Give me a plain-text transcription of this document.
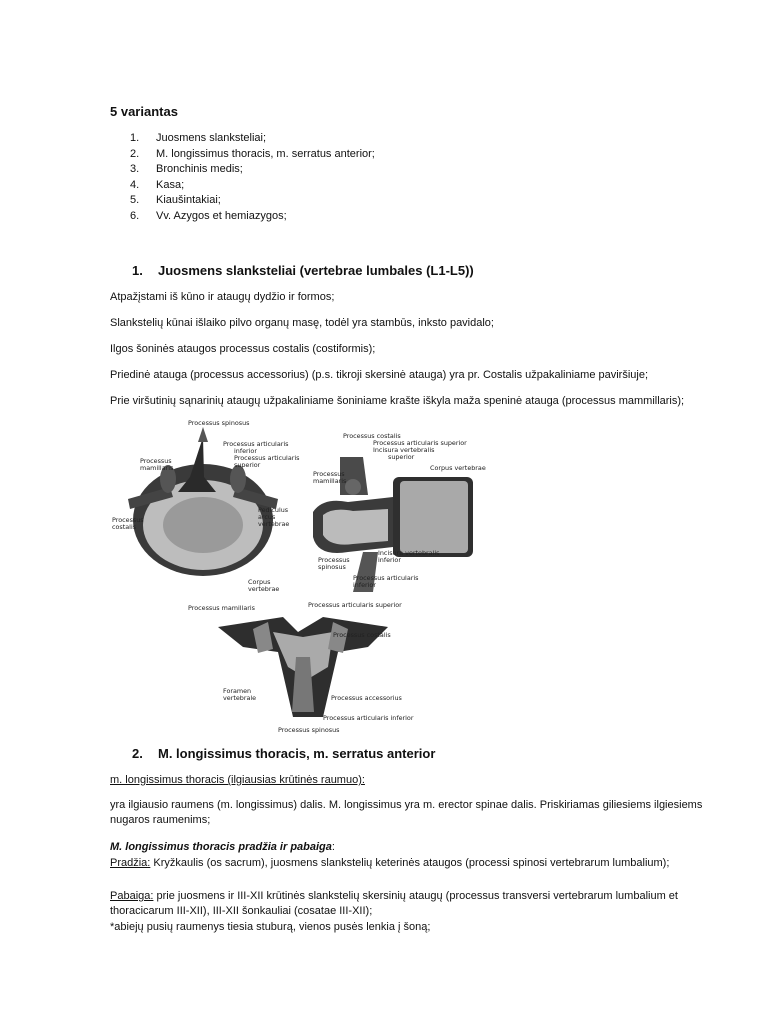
5 variantas
1.	Juosmens slanksteliai;
2.	M. longissimus thoracis, m. serratus anterior;
3.	Bronchinis medis;
4.	Kasa;
5.	Kiaušintakiai;
6.	Vv. Azygos et hemiazygos;
1. Juosmens slanksteliai (vertebrae lumbales (L1-L5))
Atpažįstami iš kūno ir ataugų dydžio ir formos;
Slankstelių kūnai išlaiko pilvo organų masę, todėl yra stambūs, inksto pavidalo;
Ilgos šoninės ataugos processus costalis (costiformis);
Priedinė atauga (processus accessorius) (p.s. tikroji skersinė atauga) yra pr. Costalis užpakaliniame paviršiuje;
Prie viršutinių sąnarinių ataugų užpakaliniame šoniniame krašte iškyla maža speninė atauga (processus mammillaris);
Processus spinosus
Processus articularis
inferior
Processus articularis
superior
Processus
mamillaris
Processus
costalis
Pediculus
arcus
vertebrae
Corpus
vertebrae
Processus costalis
Processus articularis superior
Incisura vertebralis
superior
Corpus vertebrae
Processus
mamillaris
Incisura vertebralis
inferior
Processus
spinosus
Processus articularis
inferior
Processus mamillaris	Processus articularis superior
Processus costalis
Foramen
vertebrale	Processus accessorius
Processus articularis inferior
Processus spinosus
2. M. longissimus thoracis, m. serratus anterior
m. longissimus thoracis (ilgiausias krūtinės raumuo):
yra ilgiausio raumens (m. longissimus) dalis. M. longissimus yra m. erector spinae dalis. Priskiriamas giliesiems ilgiesiems nugaros raumenims;
M. longissimus thoracis pradžia ir pabaiga:
Pradžia: Kryžkaulis (os sacrum), juosmens slankstelių keterinės ataugos (processi spinosi vertebrarum lumbalium);
Pabaiga: prie juosmens ir III-XII krūtinės slankstelių skersinių ataugų (processus transversi vertebrarum lumbalium et thoracicarum III-XII), III-XII šonkauliai (cosatae III-XII);
*abiejų pusių raumenys tiesia stuburą, vienos pusės lenkia į šoną;
